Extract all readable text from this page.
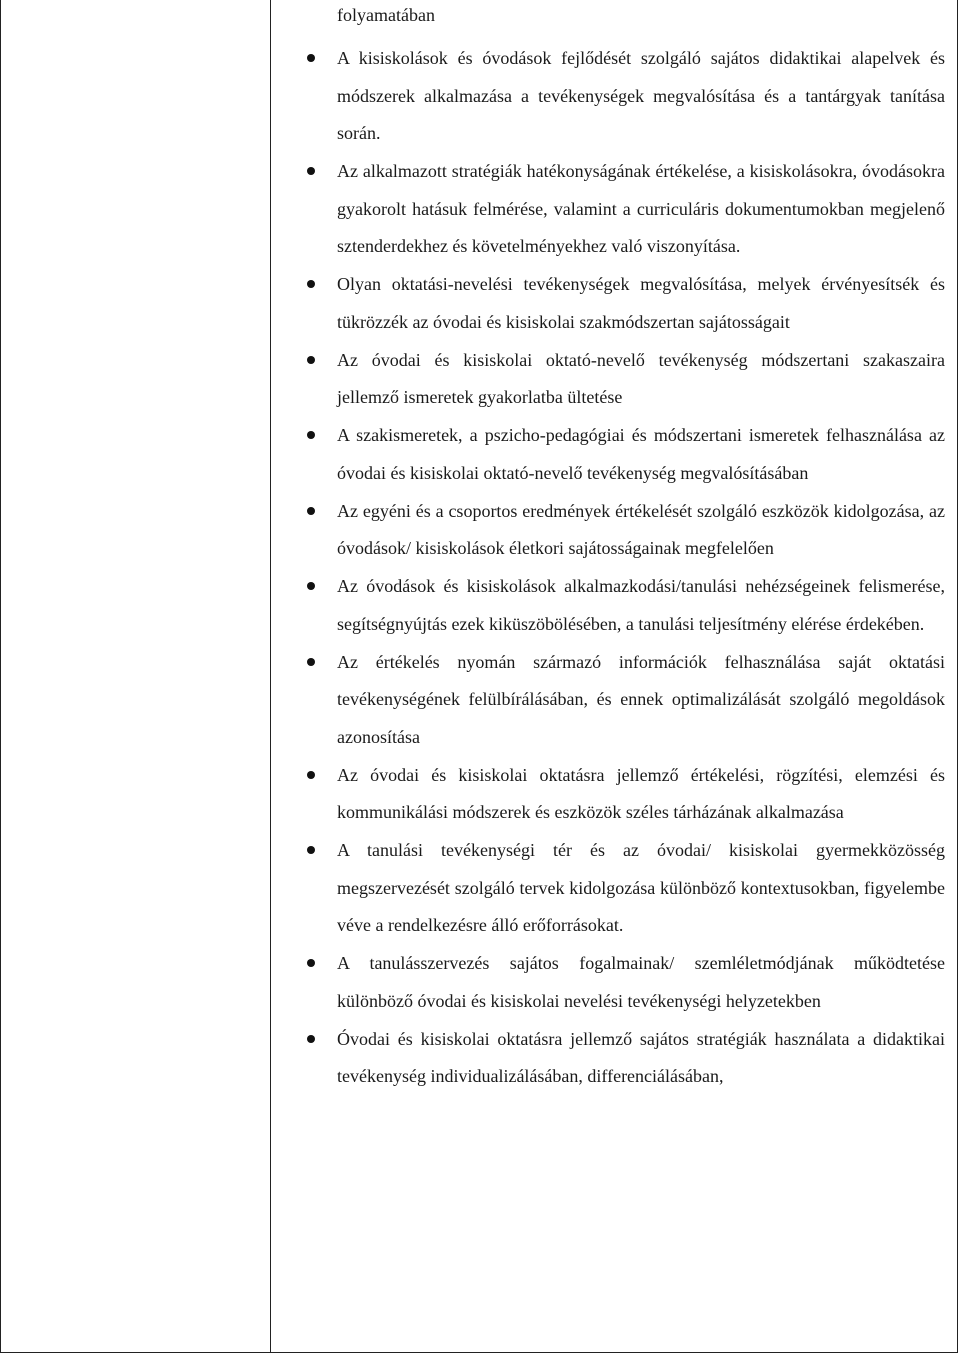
folyamatában
A kisiskolások és óvodások fejlődését szolgáló sajátos didaktikai alapelvek és módszerek alkalmazása a tevékenységek megvalósítása és a tantárgyak tanítása során.
Az alkalmazott stratégiák hatékonyságának értékelése, a kisiskolásokra, óvodásokra gyakorolt hatásuk felmérése, valamint a curriculáris dokumentumokban megjelenő sztenderdekhez és követelményekhez való viszonyítása.
Olyan oktatási-nevelési tevékenységek megvalósítása, melyek érvényesítsék és tükrözzék az óvodai és kisiskolai szakmódszertan sajátosságait
Az óvodai és kisiskolai oktató-nevelő tevékenység módszertani szakaszaira jellemző ismeretek gyakorlatba ültetése
A szakismeretek, a pszicho-pedagógiai és módszertani ismeretek felhasználása az óvodai és kisiskolai oktató-nevelő tevékenység megvalósításában
Az egyéni és a csoportos eredmények értékelését szolgáló eszközök kidolgozása, az óvodások/ kisiskolások életkori sajátosságainak megfelelően
Az óvodások és kisiskolások alkalmazkodási/tanulási nehézségeinek felismerése, segítségnyújtás ezek kiküszöbölésében, a tanulási teljesítmény elérése érdekében.
Az értékelés nyomán származó információk felhasználása saját oktatási tevékenységének felülbírálásában, és ennek optimalizálását szolgáló megoldások azonosítása
Az óvodai és kisiskolai oktatásra jellemző értékelési, rögzítési, elemzési és kommunikálási módszerek és eszközök széles tárházának alkalmazása
A tanulási tevékenységi tér és az óvodai/ kisiskolai gyermekközösség megszervezését szolgáló tervek kidolgozása különböző kontextusokban, figyelembe véve a rendelkezésre álló erőforrásokat.
A tanulásszervezés sajátos fogalmainak/ szemléletmódjának működtetése különböző óvodai és kisiskolai nevelési tevékenységi helyzetekben
Óvodai és kisiskolai oktatásra jellemző sajátos stratégiák használata a didaktikai tevékenység individualizálásában, differenciálásában,
